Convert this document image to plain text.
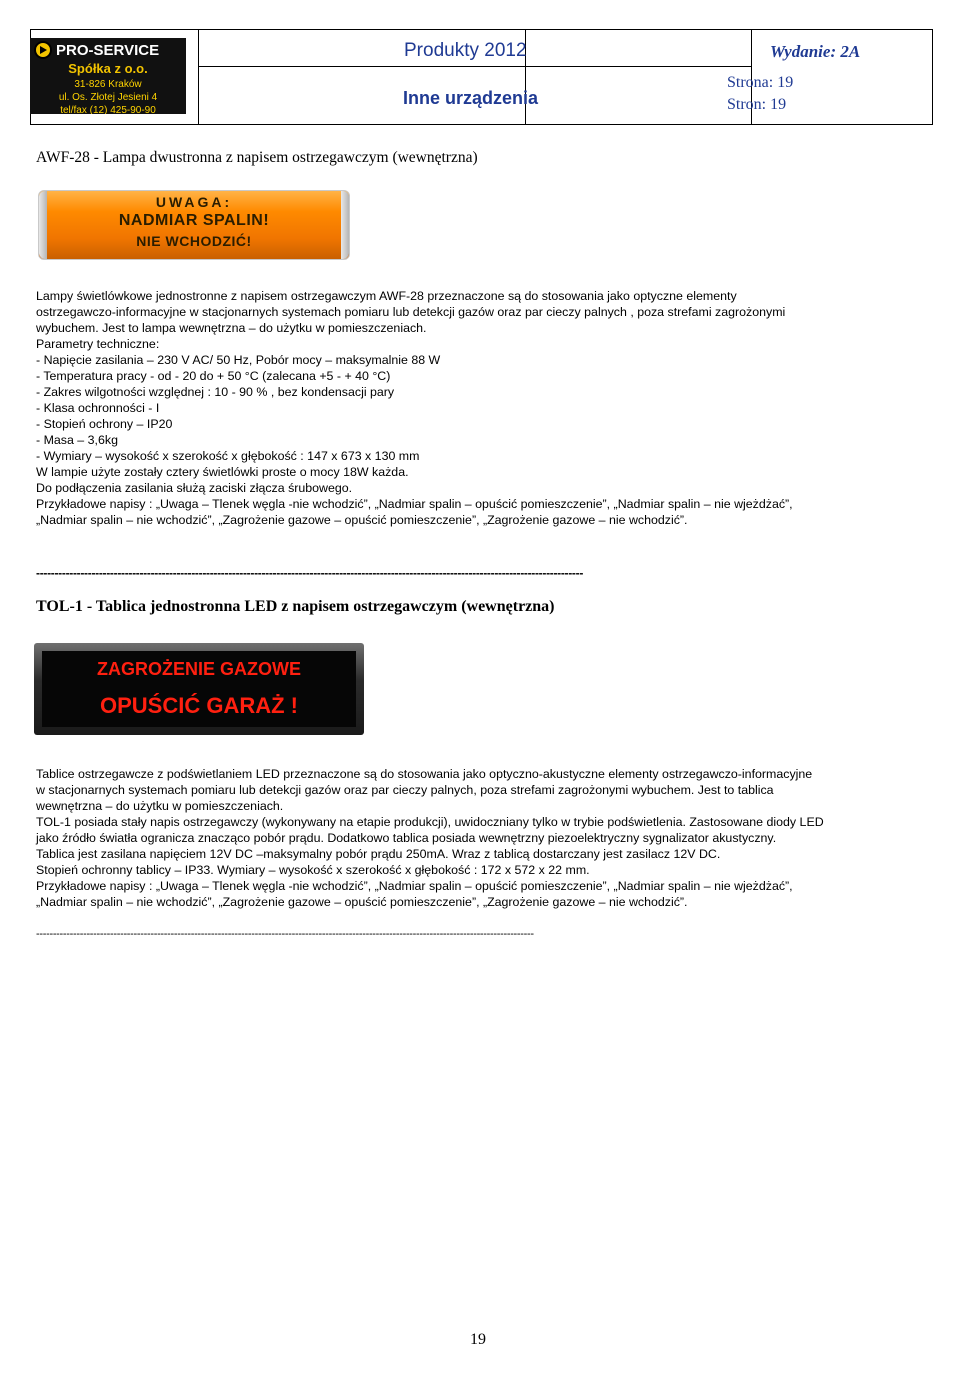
PRO-SERVICE
Spółka z o.o.
31-826 Kraków
ul. Os. Złotej Jesieni 4
tel/fax (12) 425-90-90
Produkty 2012	Wydanie: 2A
Inne urządzenia
Strona: 19
Stron: 19
AWF-28 - Lampa dwustronna z napisem ostrzegawczym (wewnętrzna)
UWAGA:
NADMIAR SPALIN!
NIE WCHODZIĆ!
Lampy świetlówkowe jednostronne z napisem ostrzegawczym AWF-28 przeznaczone są do stosowania jako optyczne elementy
ostrzegawczo-informacyjne w stacjonarnych systemach pomiaru lub detekcji gazów oraz par cieczy palnych , poza strefami zagrożonymi
wybuchem. Jest to lampa wewnętrzna – do użytku w pomieszczeniach.
Parametry techniczne:
- Napięcie zasilania – 230 V AC/ 50 Hz, Pobór mocy – maksymalnie 88 W
- Temperatura pracy - od - 20 do + 50 °C (zalecana +5 - + 40 °C)
- Zakres wilgotności względnej : 10 - 90 % , bez kondensacji pary
- Klasa ochronności - I
- Stopień ochrony – IP20
- Masa – 3,6kg
- Wymiary – wysokość x szerokość x głębokość : 147 x 673 x 130 mm
W lampie użyte zostały cztery świetlówki proste o mocy 18W każda.
Do podłączenia zasilania służą zaciski złącza śrubowego.
Przykładowe napisy : „Uwaga – Tlenek węgla -nie wchodzić”, „Nadmiar spalin – opuścić pomieszczenie”, „Nadmiar spalin – nie wjeżdżać”,
„Nadmiar spalin – nie wchodzić”, „Zagrożenie gazowe – opuścić pomieszczenie”, „Zagrożenie gazowe – nie wchodzić”.
----------------------------------------------------------------------------------------------------------------------------------------------------
TOL-1 - Tablica jednostronna LED z napisem ostrzegawczym (wewnętrzna)
ZAGROŻENIE GAZOWE
OPUŚCIĆ GARAŻ !
Tablice ostrzegawcze z podświetlaniem LED przeznaczone są do stosowania jako optyczno-akustyczne elementy ostrzegawczo-informacyjne
w stacjonarnych systemach pomiaru lub detekcji gazów oraz par cieczy palnych, poza strefami zagrożonymi wybuchem. Jest to tablica
wewnętrzna – do użytku w pomieszczeniach.
TOL-1 posiada stały napis ostrzegawczy (wykonywany na etapie produkcji), uwidoczniany tylko w trybie podświetlenia. Zastosowane diody LED
jako źródło światła ogranicza znacząco pobór prądu. Dodatkowo tablica posiada wewnętrzny piezoelektryczny sygnalizator akustyczny.
Tablica jest zasilana napięciem 12V DC –maksymalny pobór prądu 250mA. Wraz z tablicą dostarczany jest zasilacz 12V DC.
Stopień ochronny tablicy – IP33. Wymiary – wysokość x szerokość x głębokość : 172 x 572 x 22 mm.
Przykładowe napisy : „Uwaga – Tlenek węgla -nie wchodzić”, „Nadmiar spalin – opuścić pomieszczenie”, „Nadmiar spalin – nie wjeżdżać”,
„Nadmiar spalin – nie wchodzić”, „Zagrożenie gazowe – opuścić pomieszczenie”, „Zagrożenie gazowe – nie wchodzić”.
----------------------------------------------------------------------------------------------------------------------------------------------------
19
